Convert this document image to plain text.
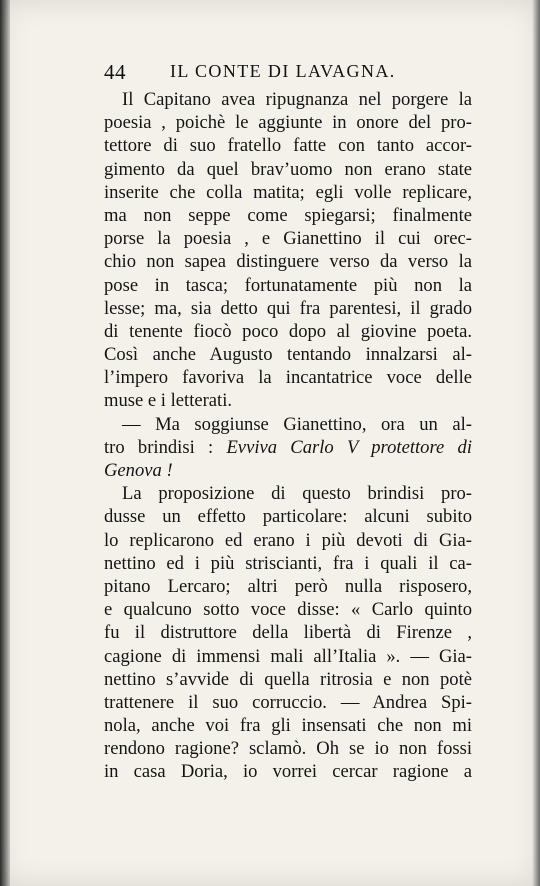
44 IL CONTE DI LAVAGNA.
Il Capitano avea ripugnanza nel porgere la
poesia , poichè le aggiunte in onore del pro-
tettore di suo fratello fatte con tanto accor-
gimento da quel brav’uomo non erano state
inserite che colla matita; egli volle replicare,
ma non seppe come spiegarsi; finalmente
porse la poesia , e Gianettino il cui orec-
chio non sapea distinguere verso da verso la
pose in tasca; fortunatamente più non la
lesse; ma, sia detto qui fra parentesi, il grado
di tenente fiocò poco dopo al giovine poeta.
Così anche Augusto tentando innalzarsi al-
l’impero favoriva la incantatrice voce delle
muse e i letterati.
— Ma soggiunse Gianettino, ora un al-
tro brindisi : Evviva Carlo V protettore di
Genova !
La proposizione di questo brindisi pro-
dusse un effetto particolare: alcuni subito
lo replicarono ed erano i più devoti di Gia-
nettino ed i più striscianti, fra i quali il ca-
pitano Lercaro; altri però nulla risposero,
e qualcuno sotto voce disse: « Carlo quinto
fu il distruttore della libertà di Firenze ,
cagione di immensi mali all’Italia ». — Gia-
nettino s’avvide di quella ritrosia e non potè
trattenere il suo corruccio. — Andrea Spi-
nola, anche voi fra gli insensati che non mi
rendono ragione? sclamò. Oh se io non fossi
in casa Doria, io vorrei cercar ragione a
